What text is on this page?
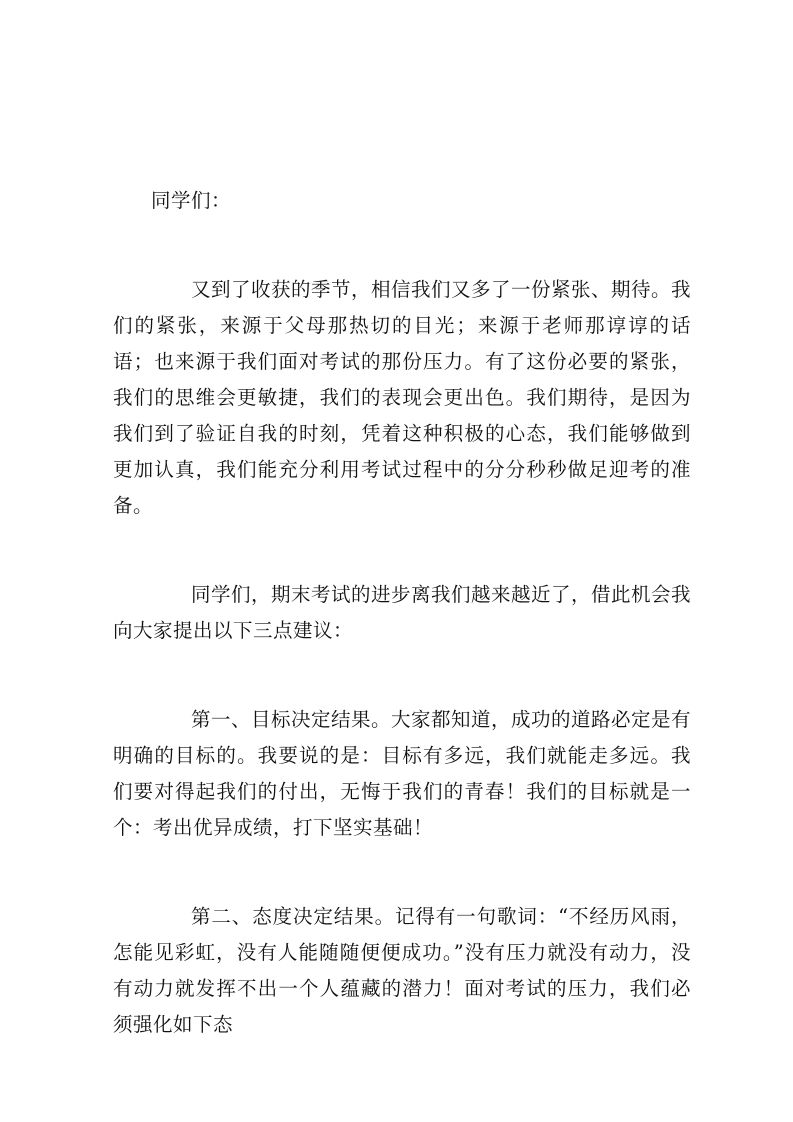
同学们：

又到了收获的季节，相信我们又多了一份紧张、期待。我们的紧张，来源于父母那热切的目光；来源于老师那谆谆的话语；也来源于我们面对考试的那份压力。有了这份必要的紧张，我们的思维会更敏捷，我们的表现会更出色。我们期待，是因为我们到了验证自我的时刻，凭着这种积极的心态，我们能够做到更加认真，我们能充分利用考试过程中的分分秒秒做足迎考的准备。

同学们，期末考试的进步离我们越来越近了，借此机会我向大家提出以下三点建议：

第一、目标决定结果。大家都知道，成功的道路必定是有明确的目标的。我要说的是：目标有多远，我们就能走多远。我们要对得起我们的付出，无悔于我们的青春！我们的目标就是一个：考出优异成绩，打下坚实基础！

第二、态度决定结果。记得有一句歌词：“不经历风雨，怎能见彩虹，没有人能随随便便成功。”没有压力就没有动力，没有动力就发挥不出一个人蕴藏的潜力！面对考试的压力，我们必须强化如下态
